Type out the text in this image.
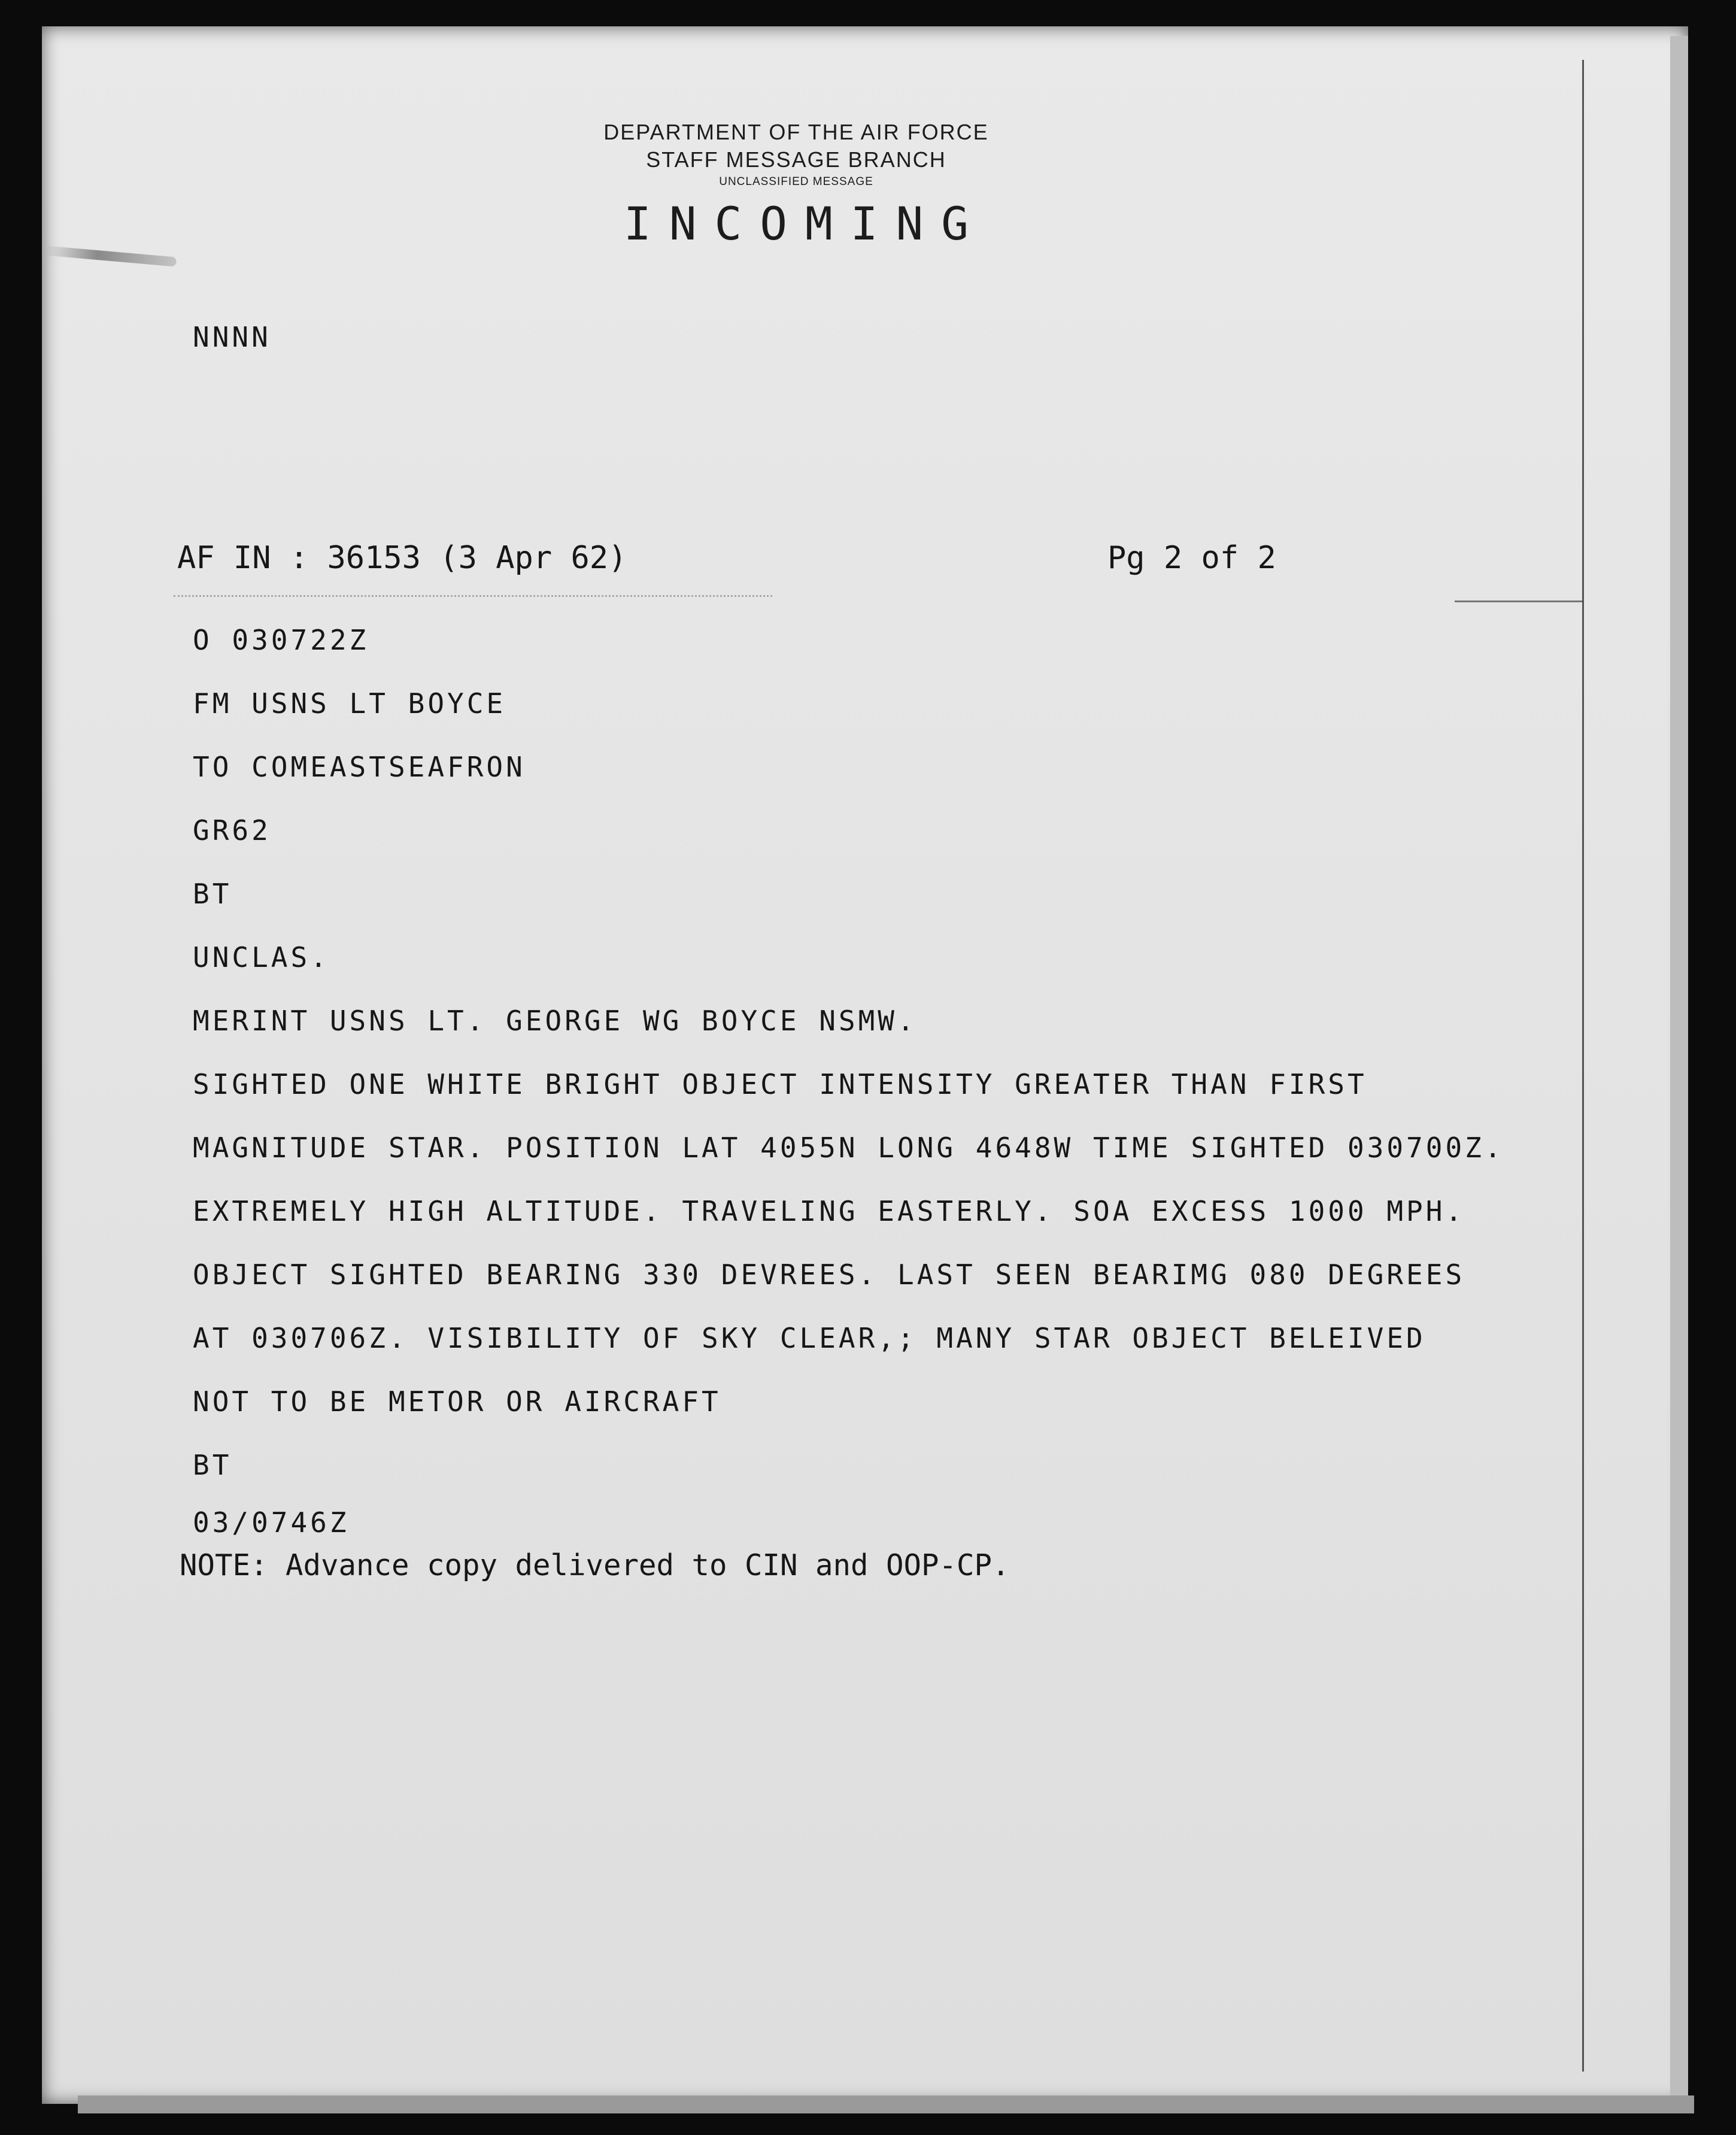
DEPARTMENT OF THE AIR FORCE
STAFF MESSAGE BRANCH
UNCLASSIFIED MESSAGE
INCOMING
NNNN
AF IN : 36153 (3 Apr 62)	Pg 2 of 2
O 030722Z
FM USNS LT BOYCE
TO COMEASTSEAFRON
GR62
BT
UNCLAS.
MERINT USNS LT. GEORGE WG BOYCE NSMW.
SIGHTED ONE WHITE BRIGHT OBJECT INTENSITY GREATER THAN FIRST
MAGNITUDE STAR. POSITION LAT 4055N LONG 4648W TIME SIGHTED 030700Z.
EXTREMELY HIGH ALTITUDE. TRAVELING EASTERLY. SOA EXCESS 1000 MPH.
OBJECT SIGHTED BEARING 330 DEVREES. LAST SEEN BEARIMG 080 DEGREES
AT 030706Z. VISIBILITY OF SKY CLEAR,; MANY STAR OBJECT BELEIVED
NOT TO BE METOR OR AIRCRAFT
BT
03/0746Z
NOTE: Advance copy delivered to CIN and OOP-CP.
